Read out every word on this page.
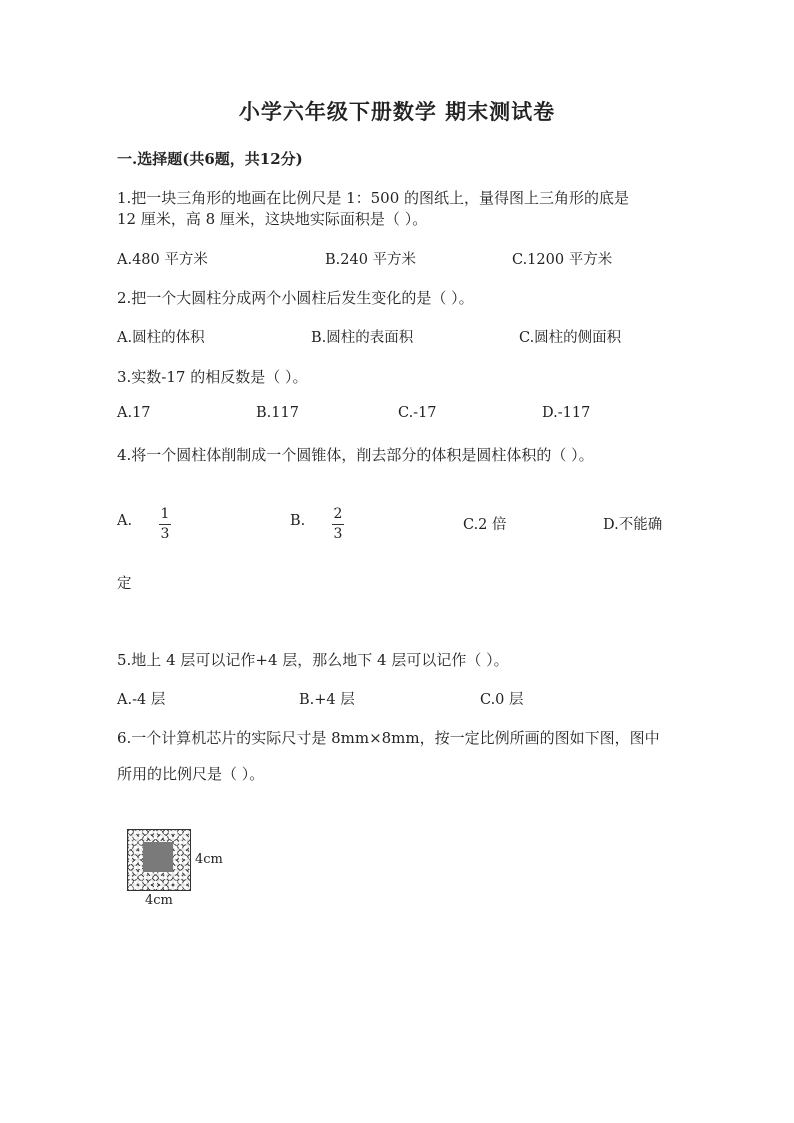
小学六年级下册数学 期末测试卷
一.选择题(共6题，共12分)
1.把一块三角形的地画在比例尺是 1：500 的图纸上，量得图上三角形的底是
12 厘米，高 8 厘米，这块地实际面积是（ ）。
A.480 平方米	B.240 平方米	C.1200 平方米
2.把一个大圆柱分成两个小圆柱后发生变化的是（ ）。
A.圆柱的体积	B.圆柱的表面积	C.圆柱的侧面积
3.实数-17 的相反数是（ ）。
A.17	B.117	C.-17	D.-117
4.将一个圆柱体削制成一个圆锥体，削去部分的体积是圆柱体积的（ ）。
A. 1
3
B. 2
3
C.2 倍	D.不能确
定
5.地上 4 层可以记作+4 层，那么地下 4 层可以记作（ ）。
A.-4 层	B.+4 层	C.0 层
6.一个计算机芯片的实际尺寸是 8mm×8mm，按一定比例所画的图如下图，图中
所用的比例尺是（ ）。
4cm
4cm
